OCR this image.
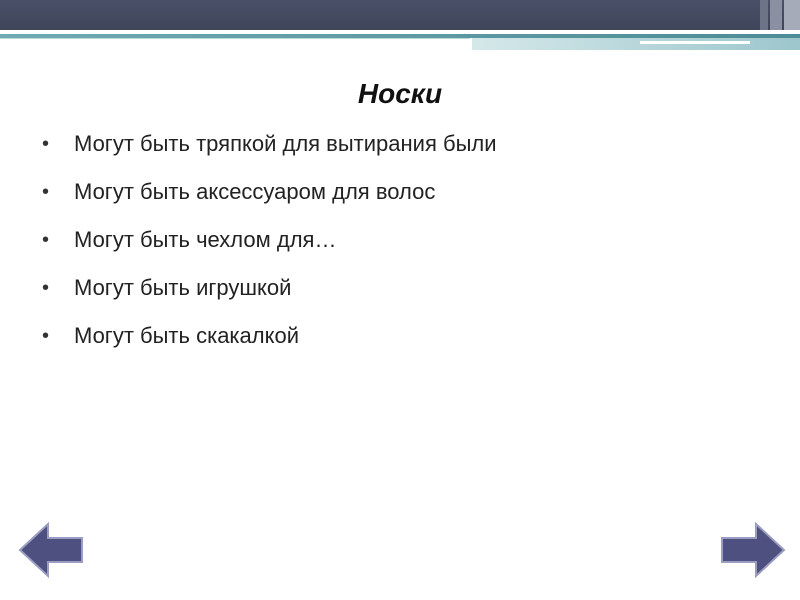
Носки
• Могут быть тряпкой для вытирания были
• Могут быть аксессуаром для волос
• Могут быть чехлом для…
• Могут быть игрушкой
• Могут быть скакалкой
